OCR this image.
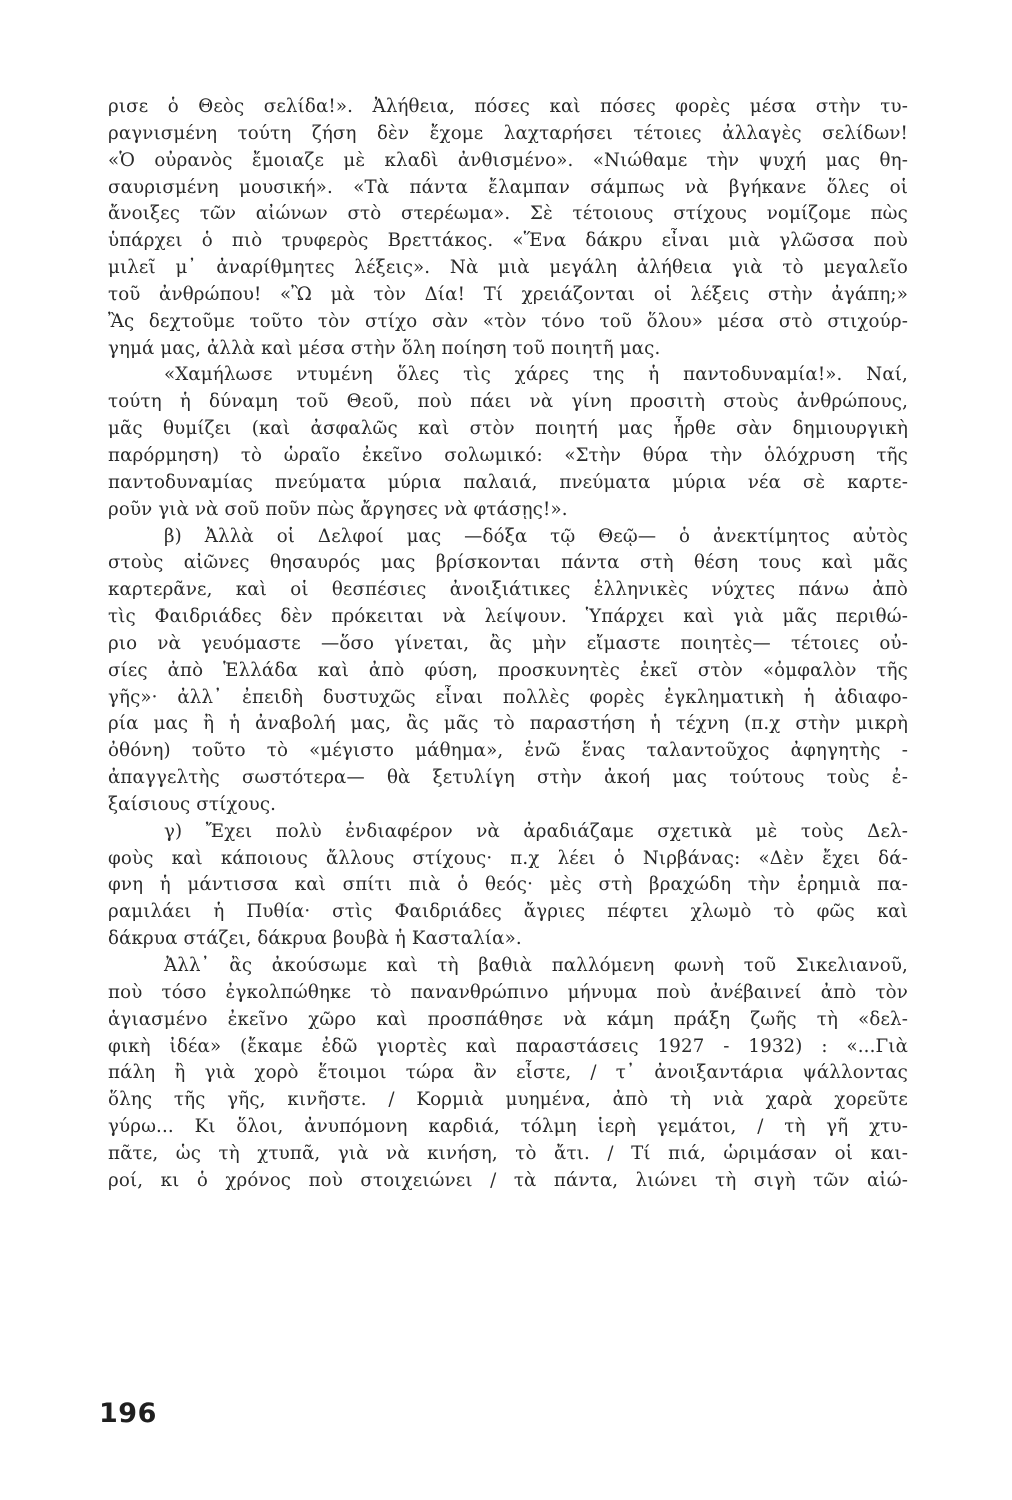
ρισε ὁ Θεὸς σελίδα!». Ἀλήθεια, πόσες καὶ πόσες φορὲς μέσα στὴν τυ-
ραγνισμένη τούτη ζήση δὲν ἔχομε λαχταρήσει τέτοιες ἀλλαγὲς σελίδων!
«Ὁ οὐρανὸς ἔμοιαζε μὲ κλαδὶ ἀνθισμένο». «Νιώθαμε τὴν ψυχή μας θη-
σαυρισμένη μουσική». «Τὰ πάντα ἔλαμπαν σάμπως νὰ βγήκανε ὅλες οἱ
ἄνοιξες τῶν αἰώνων στὸ στερέωμα». Σὲ τέτοιους στίχους νομίζομε πὼς
ὑπάρχει ὁ πιὸ τρυφερὸς Βρεττάκος. «Ἕνα δάκρυ εἶναι μιὰ γλῶσσα ποὺ
μιλεῖ μ᾽ ἀναρίθμητες λέξεις». Νὰ μιὰ μεγάλη ἀλήθεια γιὰ τὸ μεγαλεῖο
τοῦ ἀνθρώπου! «Ὢ μὰ τὸν Δία! Τί χρειάζονται οἱ λέξεις στὴν ἀγάπη;»
Ἂς δεχτοῦμε τοῦτο τὸν στίχο σὰν «τὸν τόνο τοῦ ὅλου» μέσα στὸ στιχούρ-
γημά μας, ἀλλὰ καὶ μέσα στὴν ὅλη ποίηση τοῦ ποιητῆ μας.
«Χαμήλωσε ντυμένη ὅλες τὶς χάρες της ἡ παντοδυναμία!». Ναί,
τούτη ἡ δύναμη τοῦ Θεοῦ, ποὺ πάει νὰ γίνη προσιτὴ στοὺς ἀνθρώπους,
μᾶς θυμίζει (καὶ ἀσφαλῶς καὶ στὸν ποιητή μας ἦρθε σὰν δημιουργικὴ
παρόρμηση) τὸ ὡραῖο ἐκεῖνο σολωμικό: «Στὴν θύρα τὴν ὁλόχρυση τῆς
παντοδυναμίας πνεύματα μύρια παλαιά, πνεύματα μύρια νέα σὲ καρτε-
ροῦν γιὰ νὰ σοῦ ποῦν πὼς ἄργησες νὰ φτάσῃς!».
β) Ἀλλὰ οἱ Δελφοί μας —δόξα τῷ Θεῷ— ὁ ἀνεκτίμητος αὐτὸς
στοὺς αἰῶνες θησαυρός μας βρίσκονται πάντα στὴ θέση τους καὶ μᾶς
καρτερᾶνε, καὶ οἱ θεσπέσιες ἀνοιξιάτικες ἑλληνικὲς νύχτες πάνω ἀπὸ
τὶς Φαιδριάδες δὲν πρόκειται νὰ λείψουν. Ὑπάρχει καὶ γιὰ μᾶς περιθώ-
ριο νὰ γευόμαστε —ὅσο γίνεται, ἂς μὴν εἴμαστε ποιητὲς— τέτοιες οὐ-
σίες ἀπὸ Ἑλλάδα καὶ ἀπὸ φύση, προσκυνητὲς ἐκεῖ στὸν «ὀμφαλὸν τῆς
γῆς»· ἀλλ᾽ ἐπειδὴ δυστυχῶς εἶναι πολλὲς φορὲς ἐγκληματικὴ ἡ ἀδιαφο-
ρία μας ἢ ἡ ἀναβολή μας, ἂς μᾶς τὸ παραστήση ἡ τέχνη (π.χ στὴν μικρὴ
ὀθόνη) τοῦτο τὸ «μέγιστο μάθημα», ἐνῶ ἕνας ταλαντοῦχος ἀφηγητὴς -
ἀπαγγελτὴς σωστότερα— θὰ ξετυλίγη στὴν ἀκοή μας τούτους τοὺς ἐ-
ξαίσιους στίχους.
γ) Ἔχει πολὺ ἐνδιαφέρον νὰ ἀραδιάζαμε σχετικὰ μὲ τοὺς Δελ-
φοὺς καὶ κάποιους ἄλλους στίχους· π.χ λέει ὁ Νιρβάνας: «Δὲν ἔχει δά-
φνη ἡ μάντισσα καὶ σπίτι πιὰ ὁ θεός· μὲς στὴ βραχώδη τὴν ἐρημιὰ πα-
ραμιλάει ἡ Πυθία· στὶς Φαιδριάδες ἄγριες πέφτει χλωμὸ τὸ φῶς καὶ
δάκρυα στάζει, δάκρυα βουβὰ ἡ Κασταλία».
Ἀλλ᾽ ἂς ἀκούσωμε καὶ τὴ βαθιὰ παλλόμενη φωνὴ τοῦ Σικελιανοῦ,
ποὺ τόσο ἐγκολπώθηκε τὸ πανανθρώπινο μήνυμα ποὺ ἀνέβαινεί ἀπὸ τὸν
ἁγιασμένο ἐκεῖνο χῶρο καὶ προσπάθησε νὰ κάμη πράξη ζωῆς τὴ «δελ-
φικὴ ἰδέα» (ἔκαμε ἐδῶ γιορτὲς καὶ παραστάσεις 1927 - 1932) : «...Γιὰ
πάλη ἢ γιὰ χορὸ ἕτοιμοι τώρα ἂν εἶστε, / τ᾽ ἀνοιξαντάρια ψάλλοντας
ὅλης τῆς γῆς, κινῆστε. / Κορμιὰ μυημένα, ἀπὸ τὴ νιὰ χαρὰ χορεῦτε
γύρω... Κι ὅλοι, ἀνυπόμονη καρδιά, τόλμη ἱερὴ γεμάτοι, / τὴ γῆ χτυ-
πᾶτε, ὡς τὴ χτυπᾶ, γιὰ νὰ κινήση, τὸ ἄτι. / Τί πιά, ὡριμάσαν οἱ και-
ροί, κι ὁ χρόνος ποὺ στοιχειώνει / τὰ πάντα, λιώνει τὴ σιγὴ τῶν αἰώ-
196
